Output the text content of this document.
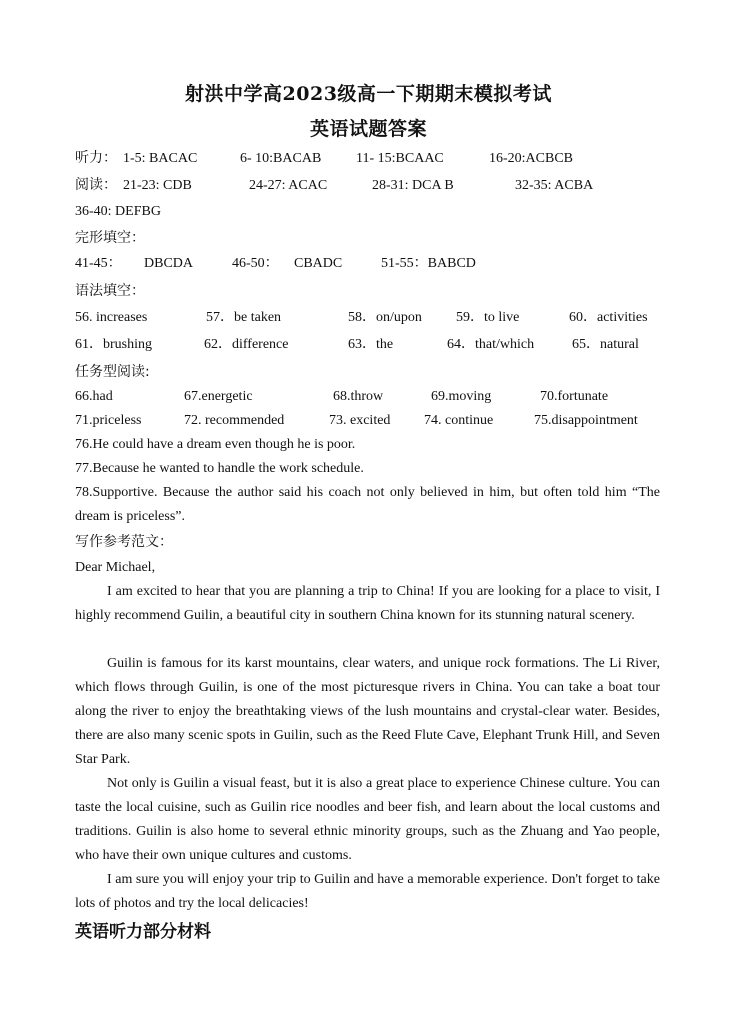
射洪中学高2023级高一下期期末模拟考试
英语试题答案
听力： 1-5: BACAC	6- 10:BACAB 11- 15:BCAAC	16-20:ACBCB
阅读： 21-23: CDB	24-27: ACAC	28-31: DCA B	32-35: ACBA
36-40: DEFBG
完形填空：
41-45： DBCDA	46-50： CBADC	51-55：BABCD
语法填空：
56. increases	57．be taken	58．on/upon 59．to live	60．activities
61．brushing	62．difference	63．the	64．that/which	65．natural
任务型阅读:
66.had	67.energetic	68.throw	69.moving	70.fortunate
71.priceless	72. recommended	73. excited 74. continue	75.disappointment
76.He could have a dream even though he is poor.
77.Because he wanted to handle the work schedule.
78.Supportive. Because the author said his coach not only believed in him, but often told him “The dream is priceless”.
写作参考范文：
Dear Michael,
I am excited to hear that you are planning a trip to China! If you are looking for a place to visit, I highly recommend Guilin, a beautiful city in southern China known for its stunning natural scenery.
Guilin is famous for its karst mountains, clear waters, and unique rock formations. The Li River, which flows through Guilin, is one of the most picturesque rivers in China. You can take a boat tour along the river to enjoy the breathtaking views of the lush mountains and crystal-clear water. Besides, there are also many scenic spots in Guilin, such as the Reed Flute Cave, Elephant Trunk Hill, and Seven Star Park.
Not only is Guilin a visual feast, but it is also a great place to experience Chinese culture. You can taste the local cuisine, such as Guilin rice noodles and beer fish, and learn about the local customs and traditions. Guilin is also home to several ethnic minority groups, such as the Zhuang and Yao people, who have their own unique cultures and customs.
I am sure you will enjoy your trip to Guilin and have a memorable experience. Don't forget to take lots of photos and try the local delicacies!
英语听力部分材料
